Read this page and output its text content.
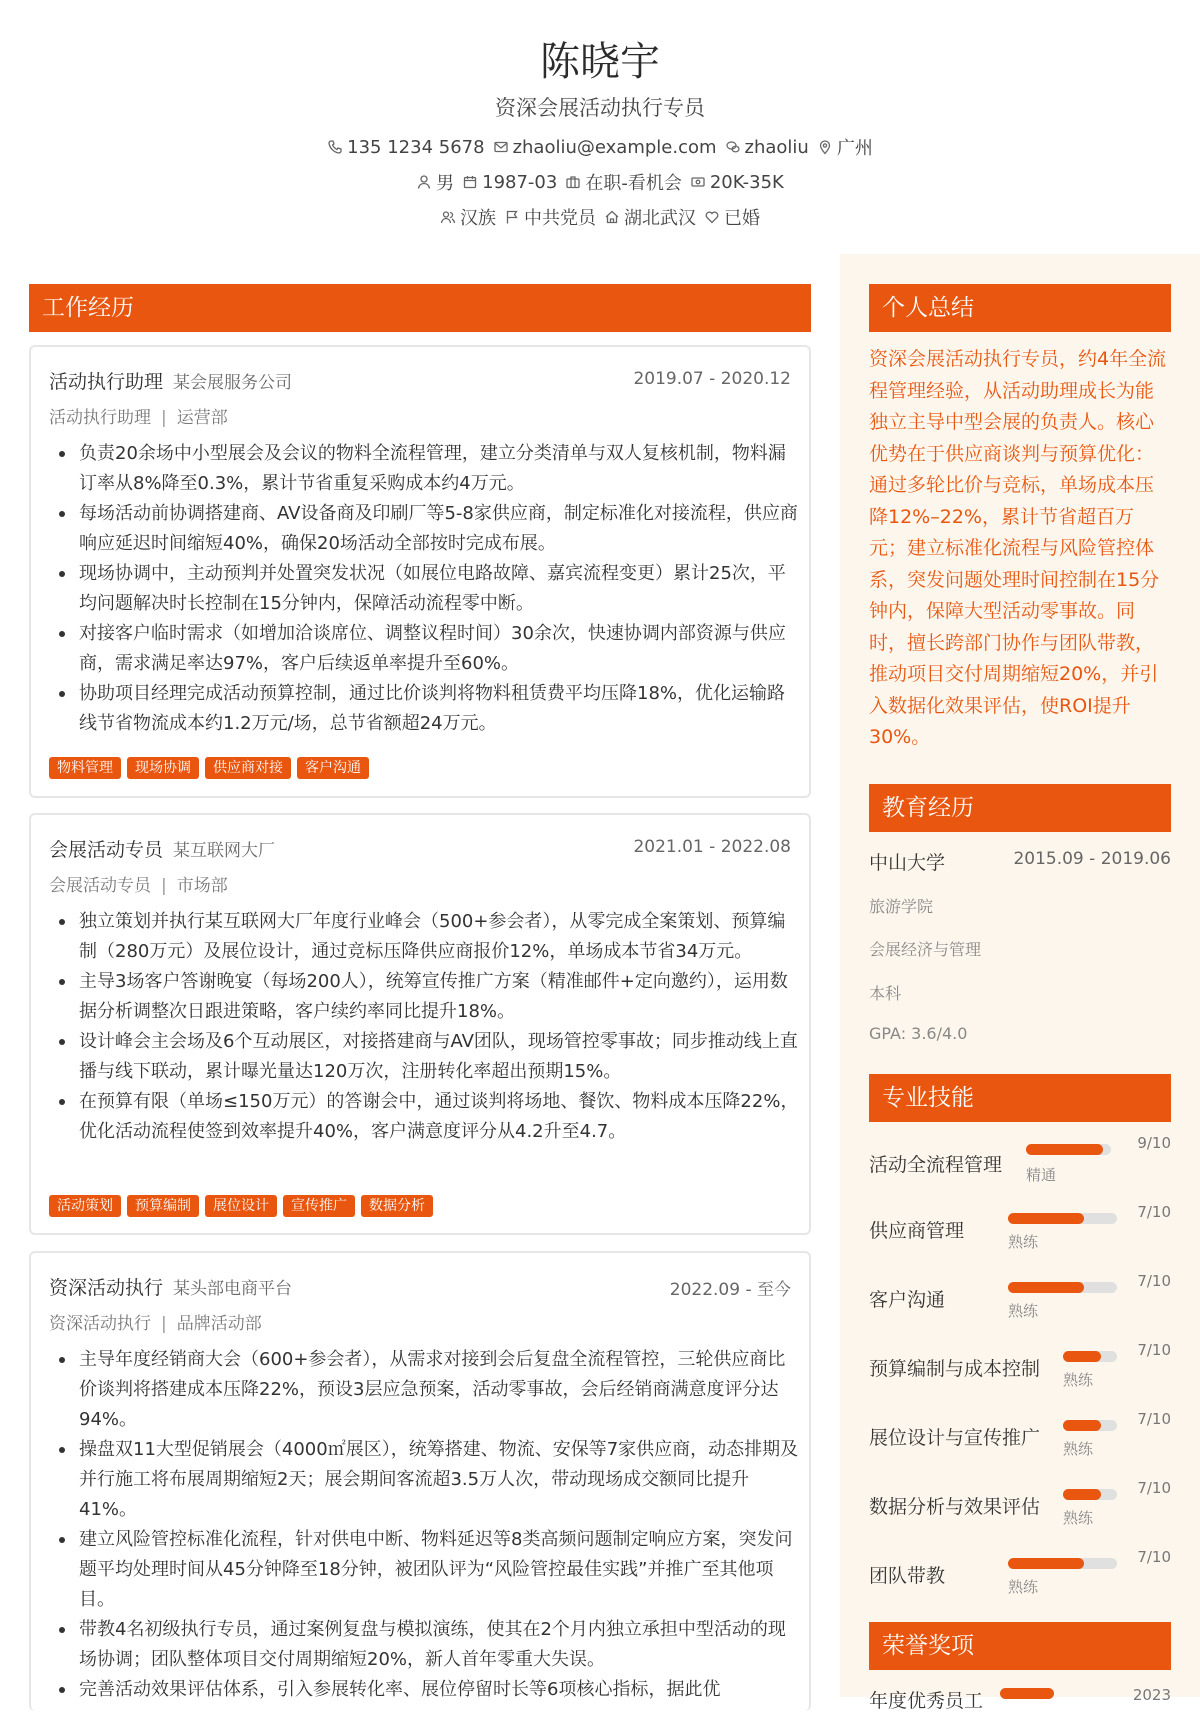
陈晓宇
资深会展活动执行专员
135 1234 5678 zhaoliu@example.com zhaoliu 广州
男 1987-03 在职-看机会 20K-35K
汉族 中共党员 湖北武汉 已婚
工作经历
活动执行助理 某会展服务公司	2019.07 - 2020.12
活动执行助理 | 运营部
负责20余场中小型展会及会议的物料全流程管理，建立分类清单与双人复核机制，物料漏订率从8%降至0.3%，累计节省重复采购成本约4万元。
每场活动前协调搭建商、AV设备商及印刷厂等5-8家供应商，制定标准化对接流程，供应商响应延迟时间缩短40%，确保20场活动全部按时完成布展。
现场协调中，主动预判并处置突发状况（如展位电路故障、嘉宾流程变更）累计25次，平均问题解决时长控制在15分钟内，保障活动流程零中断。
对接客户临时需求（如增加洽谈席位、调整议程时间）30余次，快速协调内部资源与供应商，需求满足率达97%，客户后续返单率提升至60%。
协助项目经理完成活动预算控制，通过比价谈判将物料租赁费平均压降18%，优化运输路线节省物流成本约1.2万元/场，总节省额超24万元。
物料管理	现场协调	供应商对接	客户沟通
会展活动专员 某互联网大厂	2021.01 - 2022.08
会展活动专员 | 市场部
独立策划并执行某互联网大厂年度行业峰会（500+参会者），从零完成全案策划、预算编制（280万元）及展位设计，通过竞标压降供应商报价12%，单场成本节省34万元。
主导3场客户答谢晚宴（每场200人），统筹宣传推广方案（精准邮件+定向邀约），运用数据分析调整次日跟进策略，客户续约率同比提升18%。
设计峰会主会场及6个互动展区，对接搭建商与AV团队，现场管控零事故；同步推动线上直播与线下联动，累计曝光量达120万次，注册转化率超出预期15%。
在预算有限（单场≤150万元）的答谢会中，通过谈判将场地、餐饮、物料成本压降22%，优化活动流程使签到效率提升40%，客户满意度评分从4.2升至4.7。
活动策划	预算编制	展位设计	宣传推广	数据分析
资深活动执行 某头部电商平台	2022.09 - 至今
资深活动执行 | 品牌活动部
主导年度经销商大会（600+参会者），从需求对接到会后复盘全流程管控，三轮供应商比价谈判将搭建成本压降22%，预设3层应急预案，活动零事故，会后经销商满意度评分达94%。
操盘双11大型促销展会（4000㎡展区），统筹搭建、物流、安保等7家供应商，动态排期及并行施工将布展周期缩短2天；展会期间客流超3.5万人次，带动现场成交额同比提升41%。
建立风险管控标准化流程，针对供电中断、物料延迟等8类高频问题制定响应方案，突发问题平均处理时间从45分钟降至18分钟，被团队评为“风险管控最佳实践”并推广至其他项目。
带教4名初级执行专员，通过案例复盘与模拟演练，使其在2个月内独立承担中型活动的现场协调；团队整体项目交付周期缩短20%，新人首年零重大失误。
完善活动效果评估体系，引入参展转化率、展位停留时长等6项核心指标，据此优
个人总结
资深会展活动执行专员，约4年全流程管理经验，从活动助理成长为能独立主导中型会展的负责人。核心优势在于供应商谈判与预算优化：通过多轮比价与竞标，单场成本压降12%–22%，累计节省超百万元；建立标准化流程与风险管控体系，突发问题处理时间控制在15分钟内，保障大型活动零事故。同时，擅长跨部门协作与团队带教，推动项目交付周期缩短20%，并引入数据化效果评估，使ROI提升30%。
教育经历
中山大学	2015.09 - 2019.06
旅游学院
会展经济与管理
本科
GPA: 3.6/4.0
专业技能
活动全流程管理
9/10
精通
供应商管理
7/10
熟练
客户沟通
7/10
熟练
预算编制与成本控制
7/10
熟练
展位设计与宣传推广
7/10
熟练
数据分析与效果评估
7/10
熟练
团队带教
7/10
熟练
荣誉奖项
年度优秀员工	2023
